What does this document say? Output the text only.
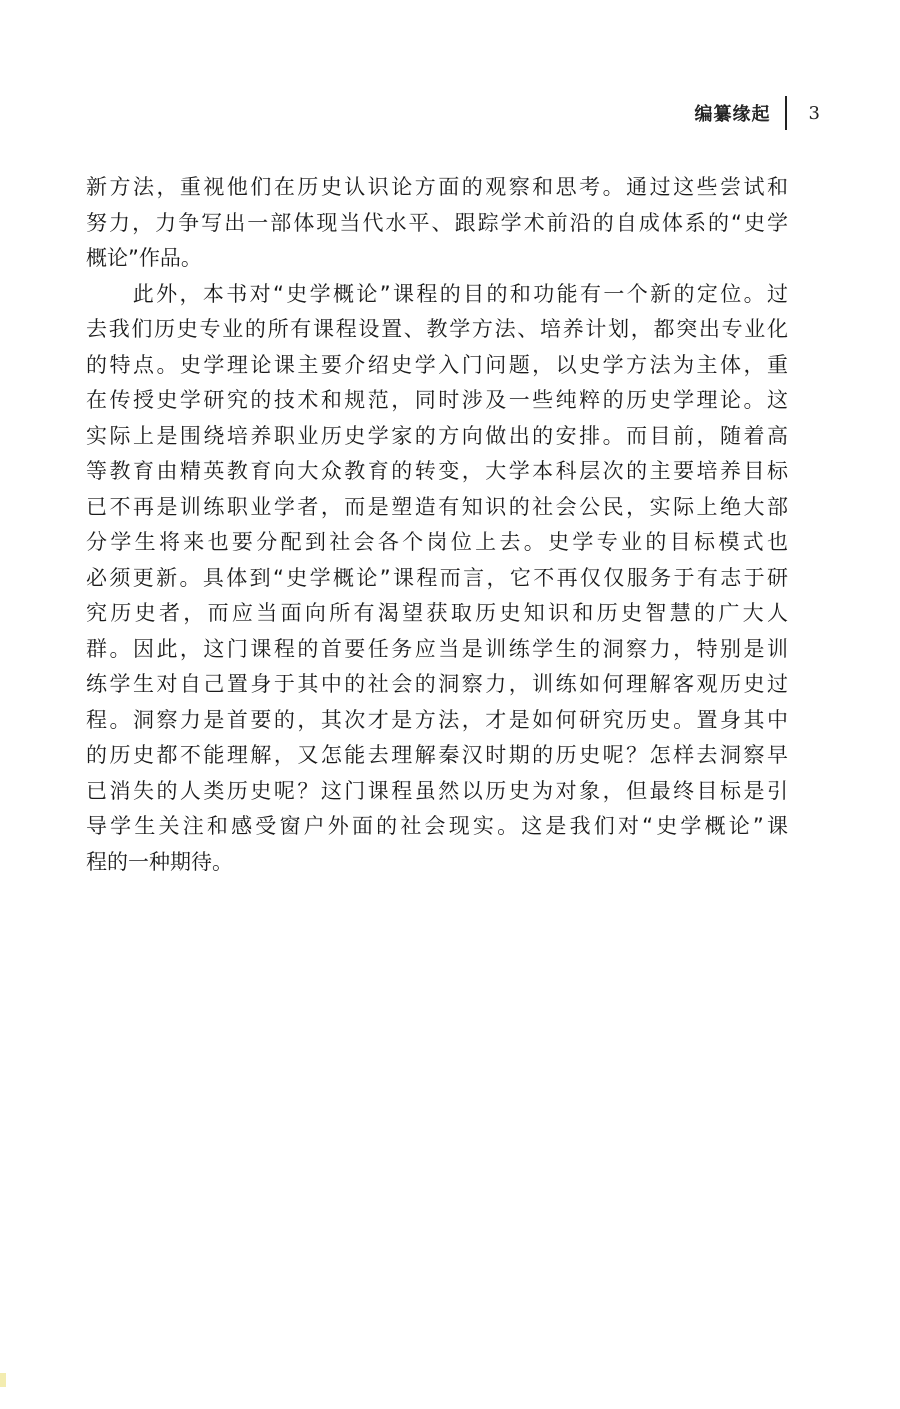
编纂缘起 3
新方法，重视他们在历史认识论方面的观察和思考。通过这些尝试和
努力，力争写出一部体现当代水平、跟踪学术前沿的自成体系的“史学
概论”作品。
　　此外，本书对“史学概论”课程的目的和功能有一个新的定位。过
去我们历史专业的所有课程设置、教学方法、培养计划，都突出专业化
的特点。史学理论课主要介绍史学入门问题，以史学方法为主体，重
在传授史学研究的技术和规范，同时涉及一些纯粹的历史学理论。这
实际上是围绕培养职业历史学家的方向做出的安排。而目前，随着高
等教育由精英教育向大众教育的转变，大学本科层次的主要培养目标
已不再是训练职业学者，而是塑造有知识的社会公民，实际上绝大部
分学生将来也要分配到社会各个岗位上去。史学专业的目标模式也
必须更新。具体到“史学概论”课程而言，它不再仅仅服务于有志于研
究历史者，而应当面向所有渴望获取历史知识和历史智慧的广大人
群。因此，这门课程的首要任务应当是训练学生的洞察力，特别是训
练学生对自己置身于其中的社会的洞察力，训练如何理解客观历史过
程。洞察力是首要的，其次才是方法，才是如何研究历史。置身其中
的历史都不能理解，又怎能去理解秦汉时期的历史呢？怎样去洞察早
已消失的人类历史呢？这门课程虽然以历史为对象，但最终目标是引
导学生关注和感受窗户外面的社会现实。这是我们对“史学概论”课
程的一种期待。
